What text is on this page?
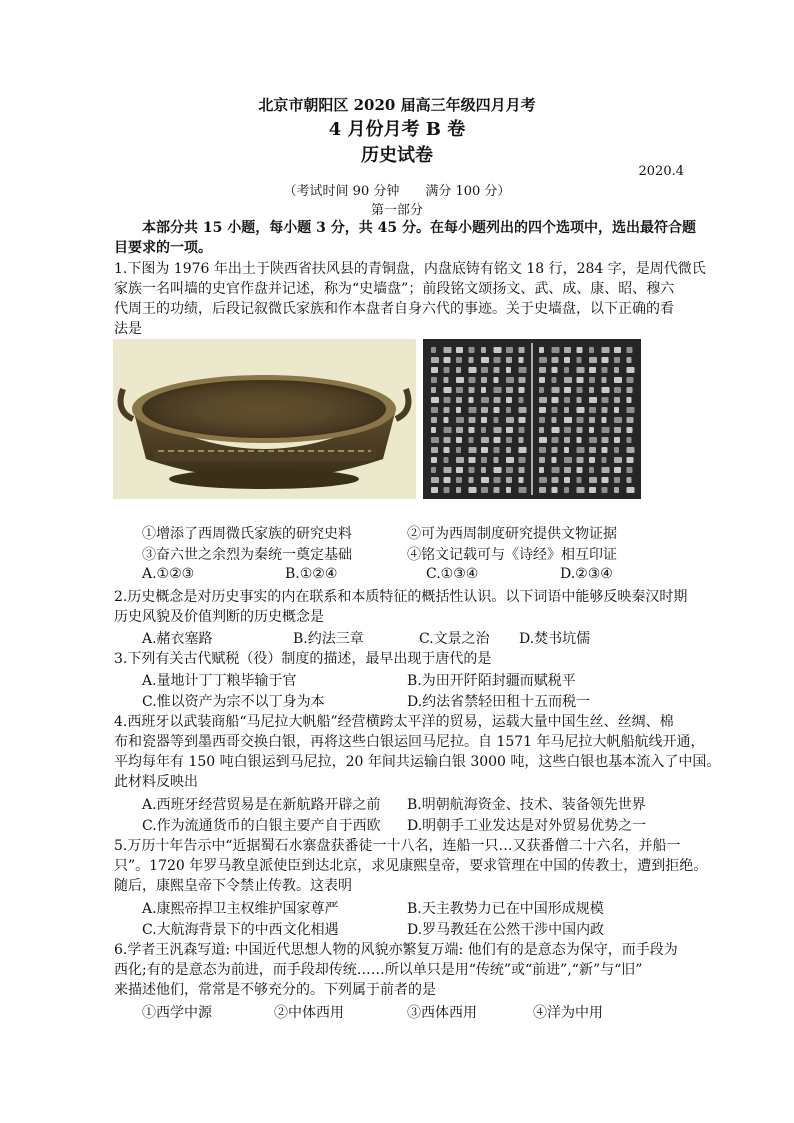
北京市朝阳区 2020 届高三年级四月月考
4 月份月考 B 卷
历史试卷
2020.4
（考试时间 90 分钟　　满分 100 分）
第一部分
本部分共 15 小题，每小题 3 分，共 45 分。在每小题列出的四个选项中，选出最符合题
目要求的一项。
1.下图为 1976 年出土于陕西省扶风县的青铜盘，内盘底铸有铭文 18 行，284 字，是周代微氏
家族一名叫墙的史官作盘并记述，称为“史墙盘”；前段铭文颂扬文、武、成、康、昭、穆六
代周王的功绩，后段记叙微氏家族和作本盘者自身六代的事迹。关于史墙盘，以下正确的看
法是
①增添了西周微氏家族的研究史料	②可为西周制度研究提供文物证据
③奋六世之余烈为秦统一奠定基础	④铭文记载可与《诗经》相互印证
A.①②③	B.①②④	C.①③④	D.②③④
2.历史概念是对历史事实的内在联系和本质特征的概括性认识。以下词语中能够反映秦汉时期
历史风貌及价值判断的历史概念是
A.赭衣塞路	B.约法三章	C.文景之治 D.焚书坑儒
3.下列有关古代赋税（役）制度的描述，最早出现于唐代的是
A.量地计丁丁粮毕输于官	B.为田开阡陌封疆而赋税平
C.惟以资产为宗不以丁身为本	D.约法省禁轻田租十五而税一
4.西班牙以武装商船“马尼拉大帆船”经营横跨太平洋的贸易，运载大量中国生丝、丝绸、棉
布和瓷器等到墨西哥交换白银，再将这些白银运回马尼拉。自 1571 年马尼拉大帆船航线开通，
平均每年有 150 吨白银运到马尼拉，20 年间共运输白银 3000 吨，这些白银也基本流入了中国。
此材料反映出
A.西班牙经营贸易是在新航路开辟之前 B.明朝航海资金、技术、装备领先世界
C.作为流通货币的白银主要产自于西欧 D.明朝手工业发达是对外贸易优势之一
5.万历十年告示中“近据蜀石水寨盘获番徒一十八名，连船一只…又获番僧二十六名，并船一
只”。1720 年罗马教皇派使臣到达北京，求见康熙皇帝，要求管理在中国的传教士，遭到拒绝。
随后，康熙皇帝下令禁止传教。这表明
A.康熙帝捍卫主权维护国家尊严	B.天主教势力已在中国形成规模
C.大航海背景下的中西文化相遇	D.罗马教廷在公然干涉中国内政
6.学者王汎森写道: 中国近代思想人物的风貌亦繁复万端: 他们有的是意态为保守，而手段为
西化;有的是意态为前进，而手段却传统……所以单只是用“传统”或“前进”,“新”与“旧”
来描述他们，常常是不够充分的。下列属于前者的是
①西学中源	②中体西用	③西体西用	④洋为中用
